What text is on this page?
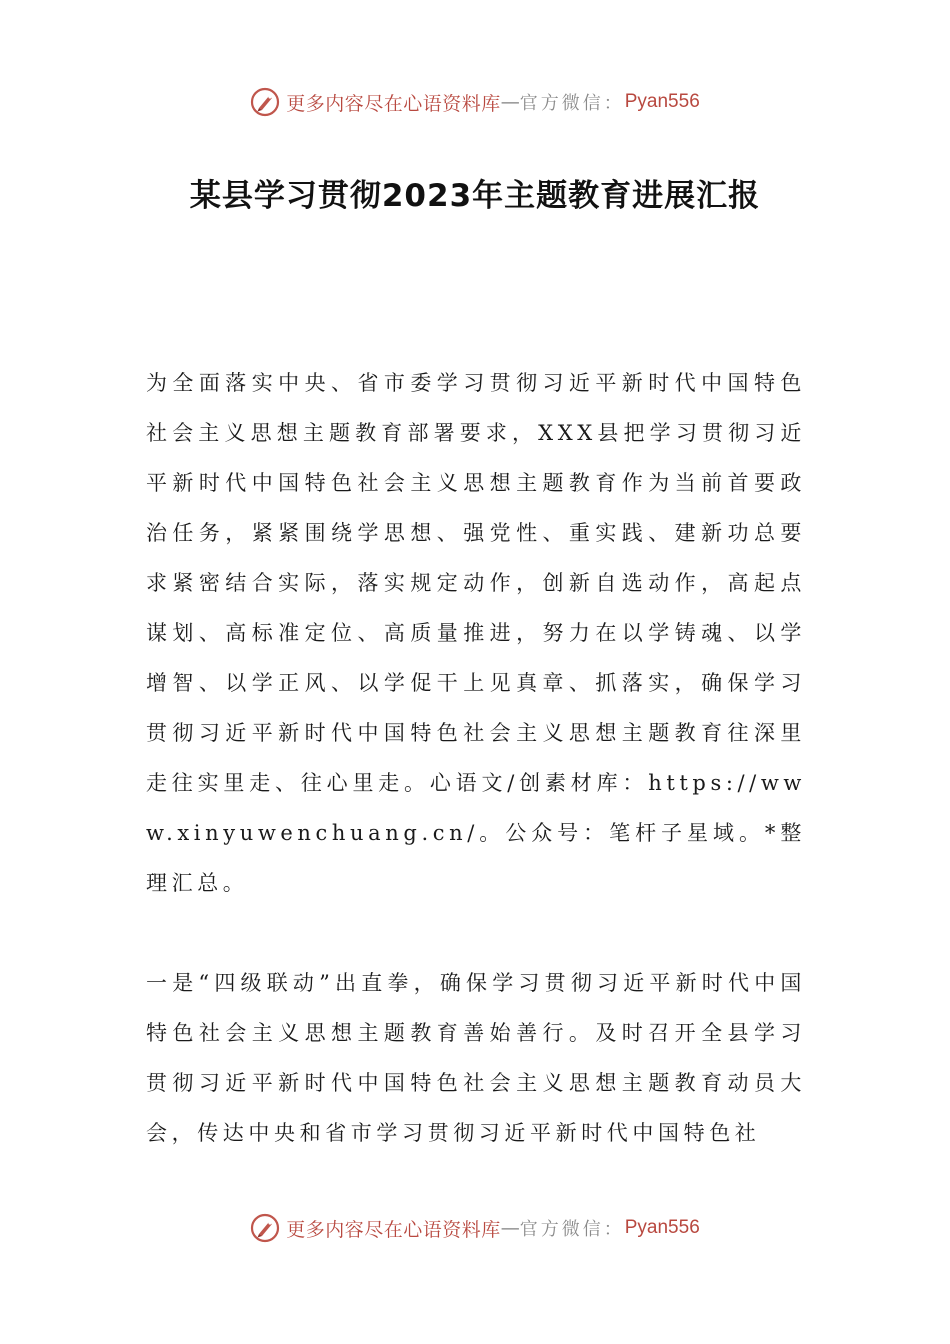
更多内容尽在心语资料库 — 官方微信： Pyan556
某县学习贯彻2023年主题教育进展汇报

为全面落实中央、省市委学习贯彻习近平新时代中国特色社会主义思想主题教育部署要求，XXX县把学习贯彻习近平新时代中国特色社会主义思想主题教育作为当前首要政治任务，紧紧围绕学思想、强党性、重实践、建新功总要求紧密结合实际，落实规定动作，创新自选动作，高起点谋划、高标准定位、高质量推进，努力在以学铸魂、以学增智、以学正风、以学促干上见真章、抓落实，确保学习贯彻习近平新时代中国特色社会主义思想主题教育往深里走往实里走、往心里走。心语文/创素材库：https://www.xinyuwenchuang.cn/。公众号：笔杆子星域。*整理汇总。

一是“四级联动”出直拳，确保学习贯彻习近平新时代中国特色社会主义思想主题教育善始善行。及时召开全县学习贯彻习近平新时代中国特色社会主义思想主题教育动员大会，传达中央和省市学习贯彻习近平新时代中国特色社

更多内容尽在心语资料库 — 官方微信： Pyan556
